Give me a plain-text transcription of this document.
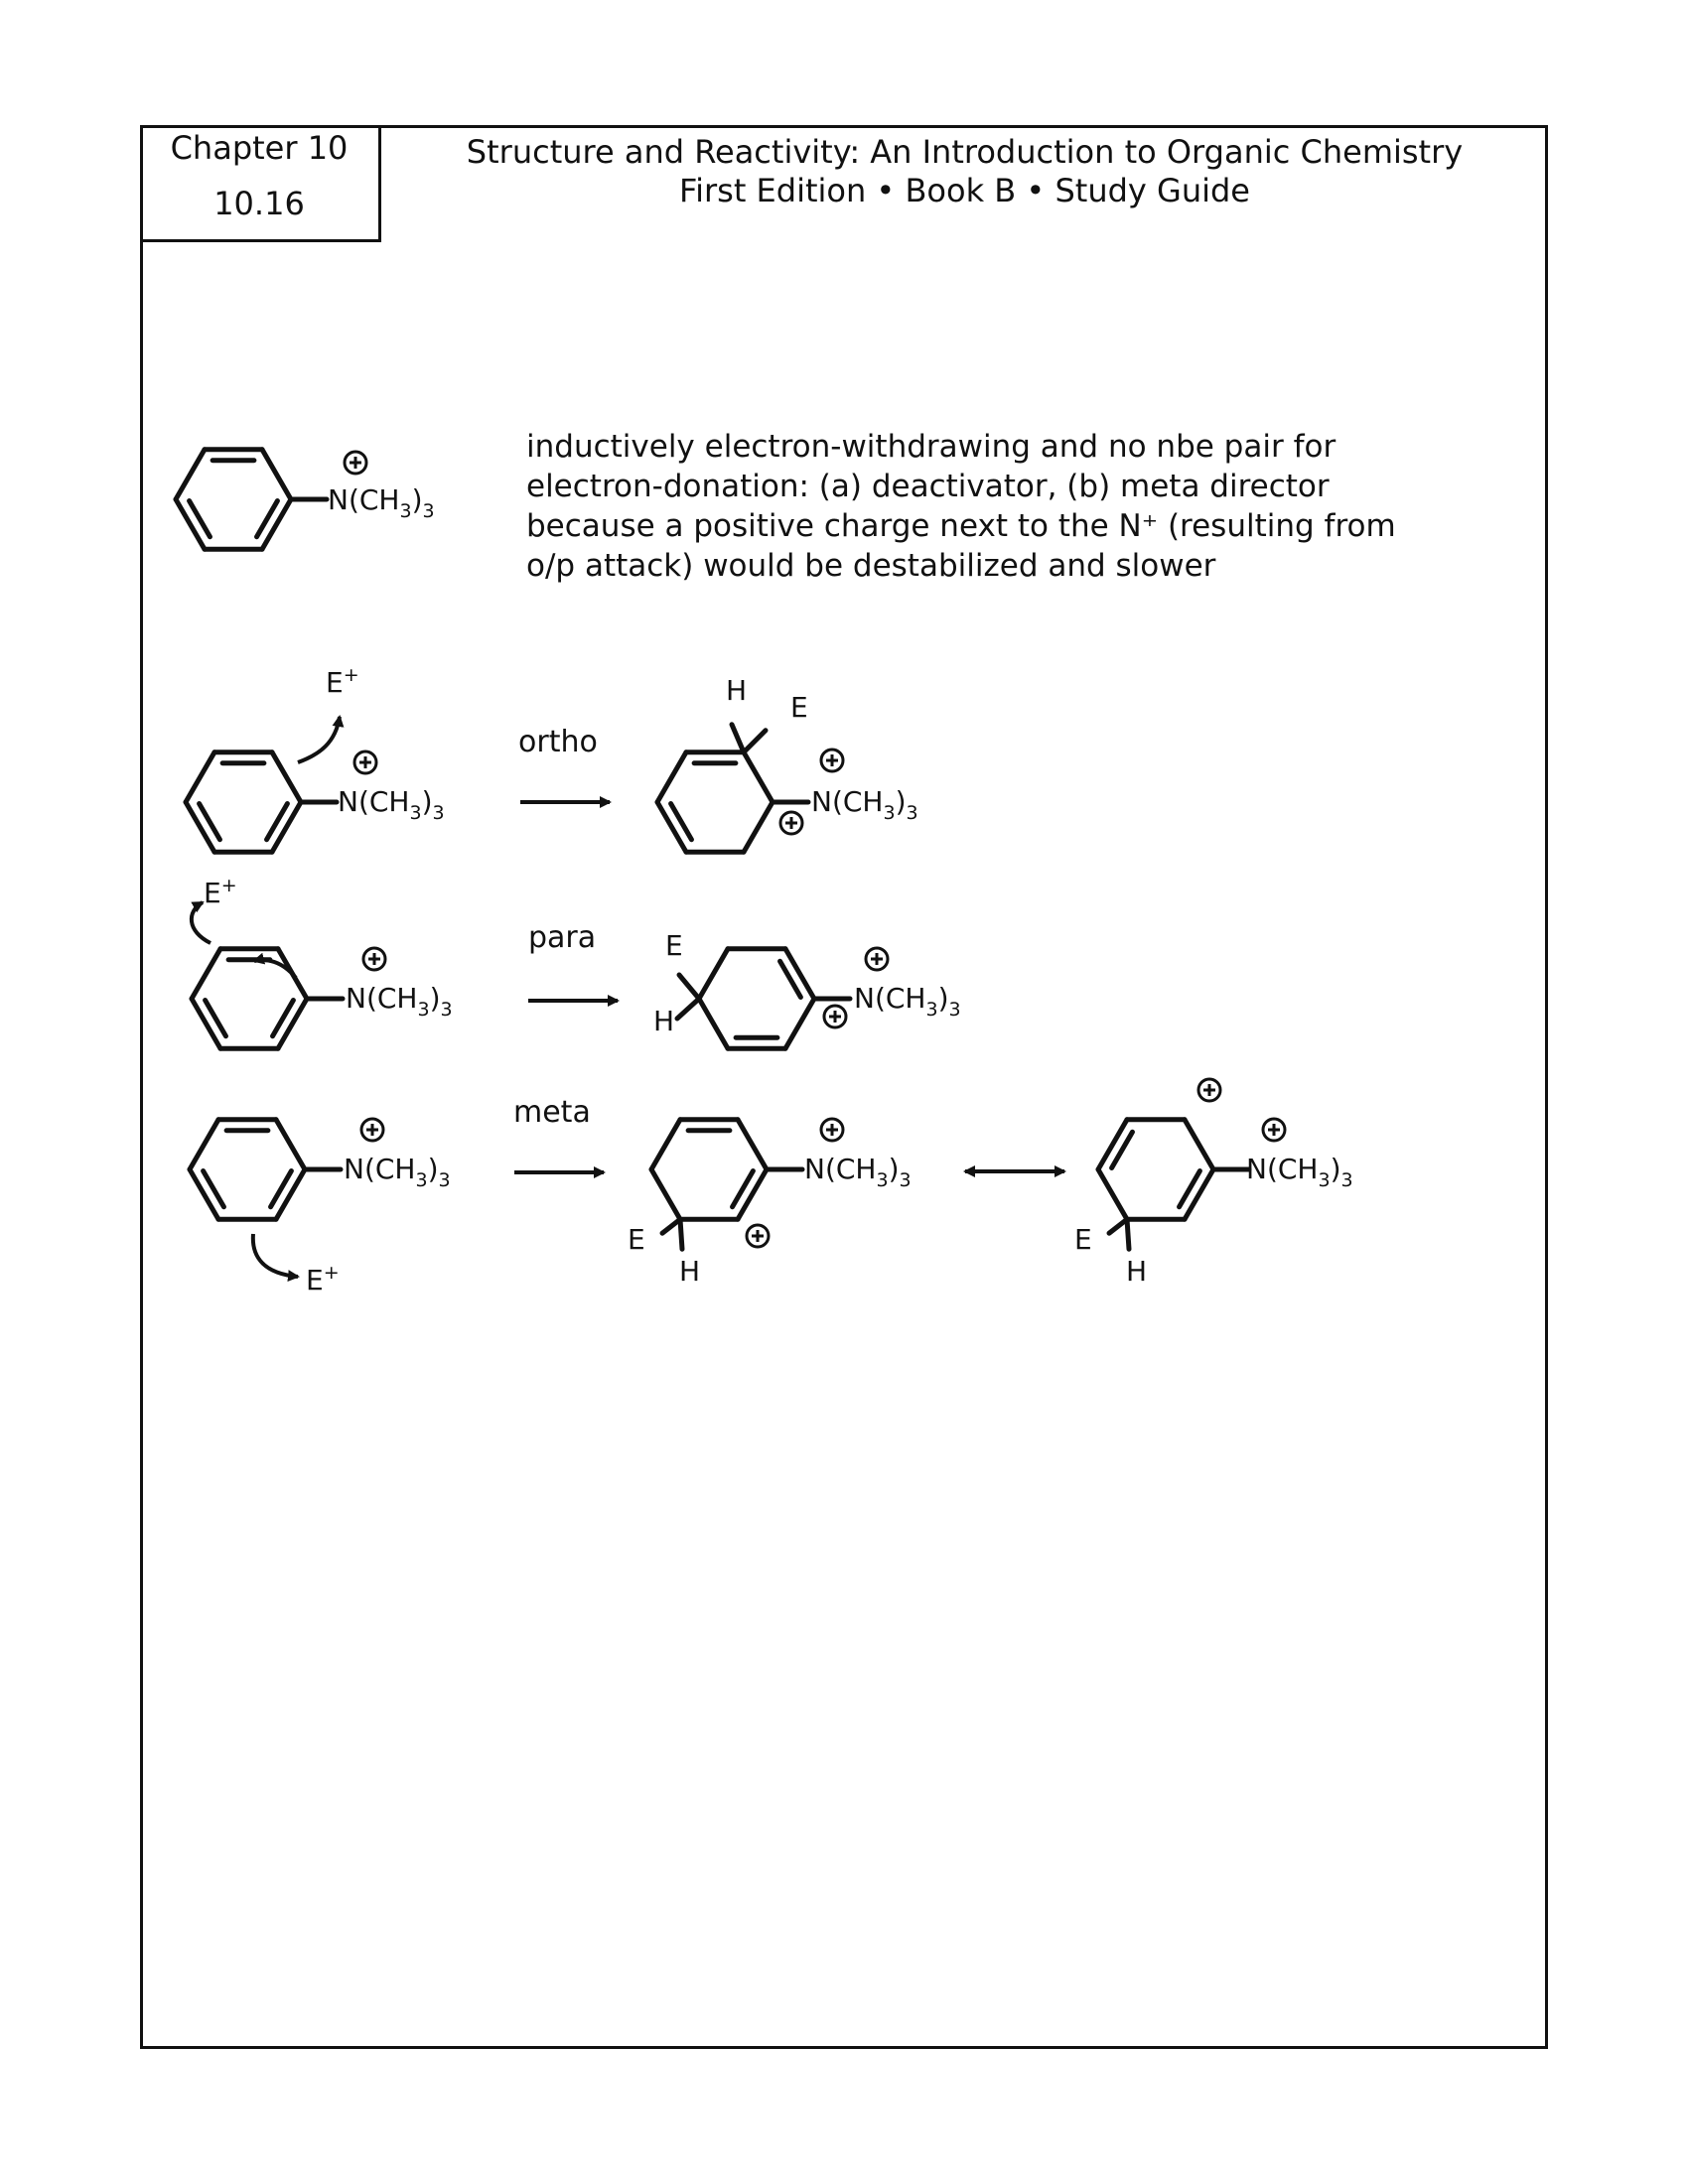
Chapter 10
10.16
Structure and Reactivity: An Introduction to Organic Chemistry
First Edition • Book B • Study Guide
inductively electron-withdrawing and no nbe pair for
electron-donation: (a) deactivator, (b) meta director
because a positive charge next to the N⁺ (resulting from
o/p attack) would be destabilized and slower
$N(CH_3)_3$
$N(CH_3)_3$
E+
ortho
H
E
$N(CH_3)_3$
$N(CH_3)_3$
E+
para E
H
$N(CH_3)_3$
$N(CH_3)_3$
E+
meta
E
H
$N(CH_3)_3$
E
H
$N(CH_3)_3$
